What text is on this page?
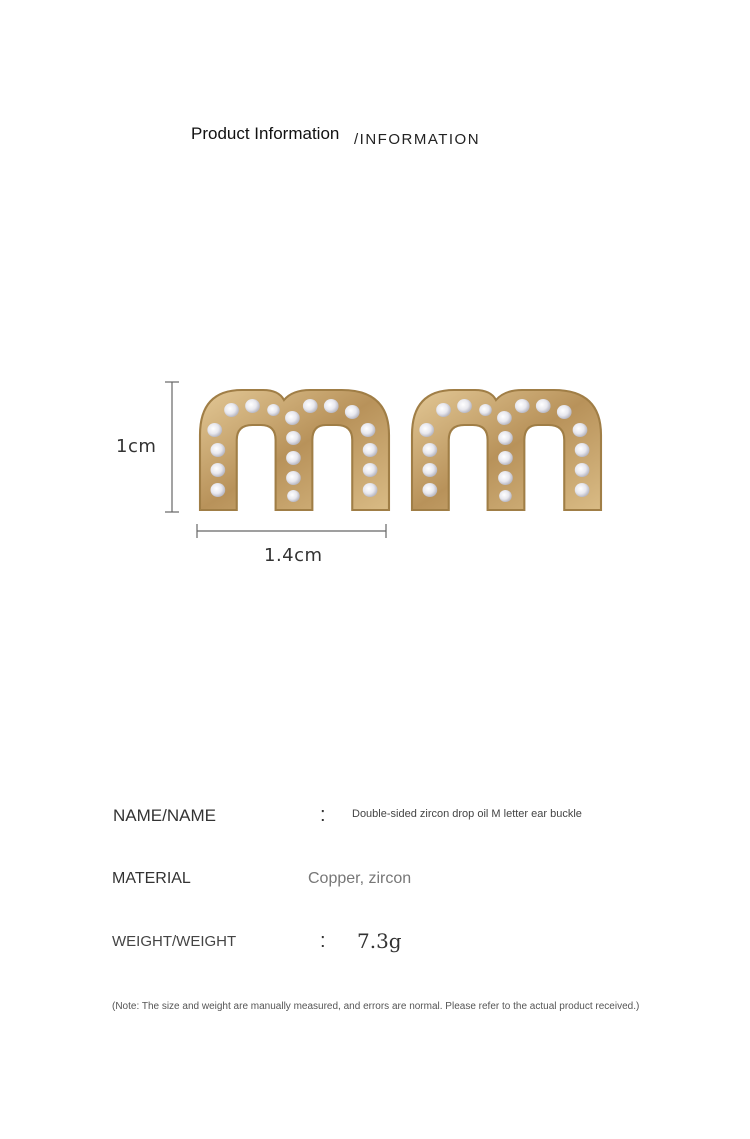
Product Information /INFORMATION
1cm
1.4cm
NAME/NAME	: Double-sided zircon drop oil M letter ear buckle
MATERIAL	Copper, zircon
WEIGHT/WEIGHT	: 7.3g
(Note: The size and weight are manually measured, and errors are normal. Please refer to the actual product received.)
